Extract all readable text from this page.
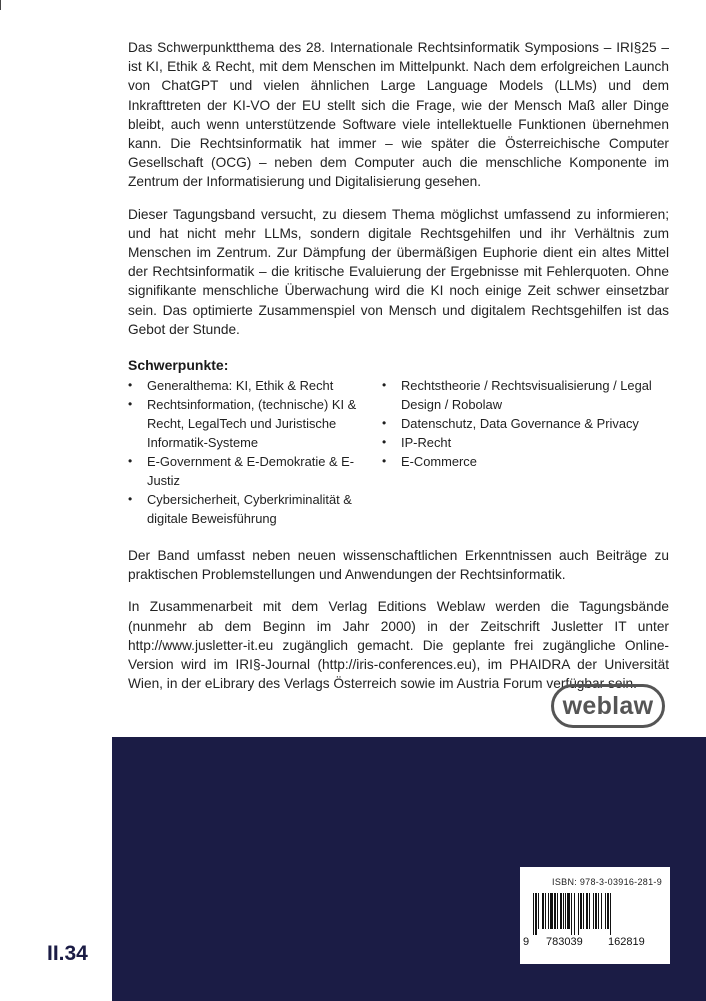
Das Schwerpunktthema des 28. Internationale Rechtsinformatik Symposions – IRI§25 – ist KI, Ethik & Recht, mit dem Menschen im Mittelpunkt. Nach dem erfolgreichen Launch von ChatGPT und vielen ähnlichen Large Language Models (LLMs) und dem Inkrafttreten der KI-VO der EU stellt sich die Frage, wie der Mensch Maß aller Dinge bleibt, auch wenn unterstützende Software viele intellektuelle Funktionen übernehmen kann. Die Rechtsinformatik hat immer – wie später die Österreichische Computer Gesellschaft (OCG) – neben dem Computer auch die menschliche Komponente im Zentrum der Informatisierung und Digitalisierung gesehen.

Dieser Tagungsband versucht, zu diesem Thema möglichst umfassend zu informieren; und hat nicht mehr LLMs, sondern digitale Rechtsgehilfen und ihr Verhältnis zum Menschen im Zentrum. Zur Dämpfung der übermäßigen Euphorie dient ein altes Mittel der Rechtsinformatik – die kritische Evaluierung der Ergebnisse mit Fehlerquoten. Ohne signifikante menschliche Überwachung wird die KI noch einige Zeit schwer einsetzbar sein. Das optimierte Zusammenspiel von Mensch und digitalem Rechtsgehilfen ist das Gebot der Stunde.

Schwerpunkte:
• Generalthema: KI, Ethik & Recht
• Rechtsinformation, (technische) KI & Recht, LegalTech und Juristische Informatik-Systeme
• E-Government & E-Demokratie & E-Justiz
• Cybersicherheit, Cyberkriminalität & digitale Beweisführung
• Rechtstheorie / Rechtsvisualisierung / Legal Design / Robolaw
• Datenschutz, Data Governance & Privacy
• IP-Recht
• E-Commerce

Der Band umfasst neben neuen wissenschaftlichen Erkenntnissen auch Beiträge zu praktischen Problemstellungen und Anwendungen der Rechtsinformatik.

In Zusammenarbeit mit dem Verlag Editions Weblaw werden die Tagungsbände (nunmehr ab dem Beginn im Jahr 2000) in der Zeitschrift Jusletter IT unter http://www.jusletter-it.eu zugänglich gemacht. Die geplante frei zugängliche Online-Version wird im IRI§-Journal (http://iris-conferences.eu), im PHAIDRA der Universität Wien, in der eLibrary des Verlags Österreich sowie im Austria Forum verfügbar sein.

weblaw
ISBN: 978-3-03916-281-9
9 783039 162819
II.34
